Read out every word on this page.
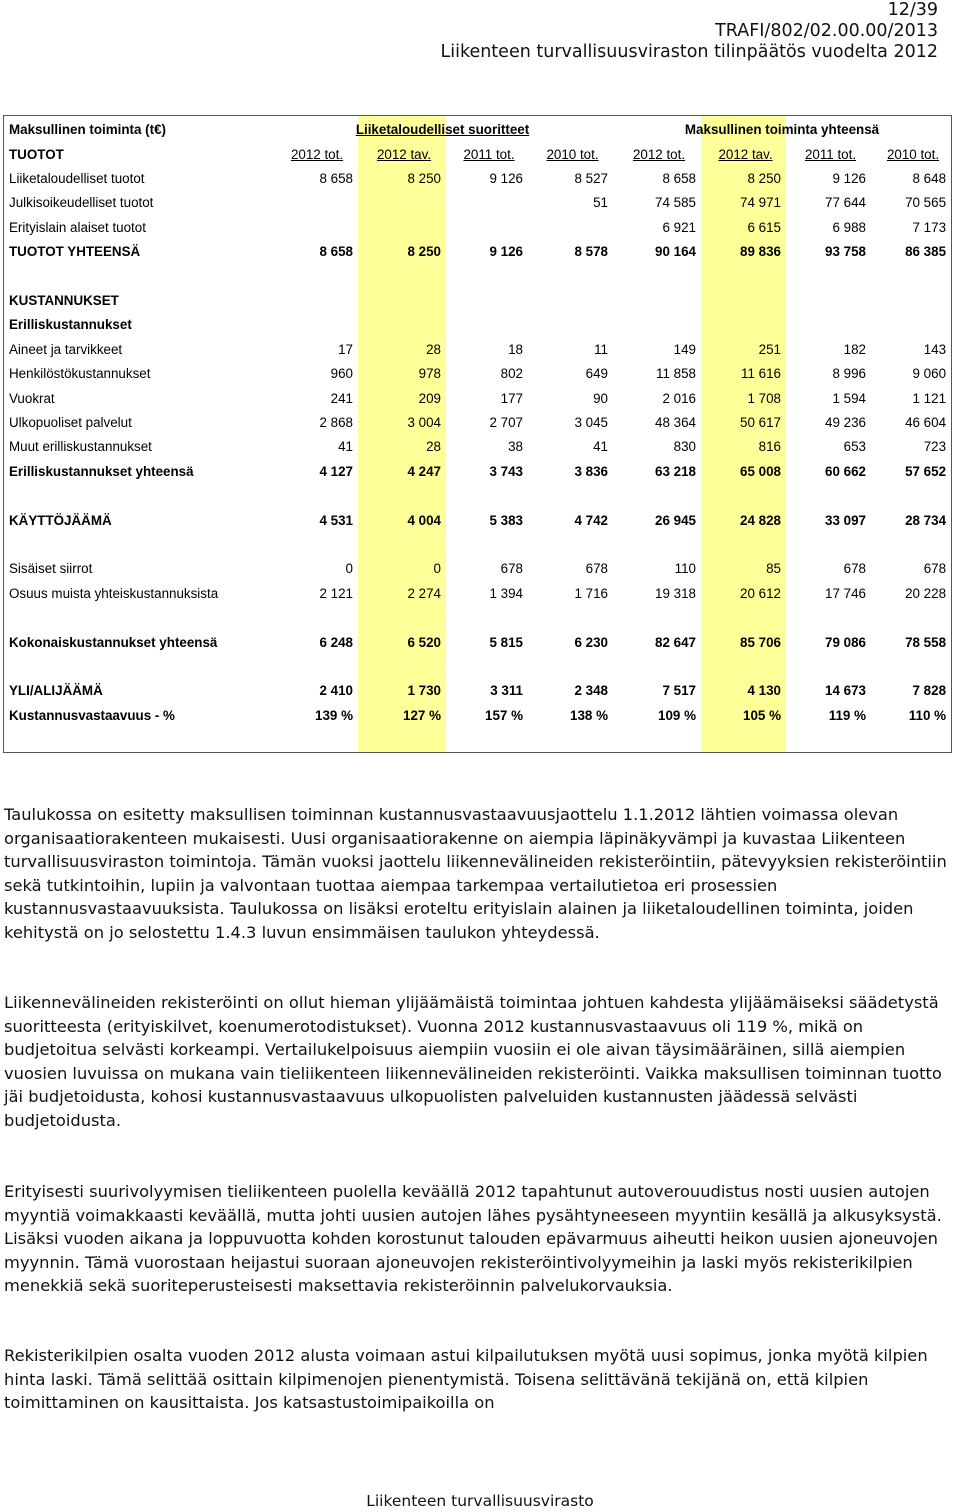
12/39
TRAFI/802/02.00.00/2013
Liikenteen turvallisuusviraston tilinpäätös vuodelta 2012
Maksullinen toiminta (t€)	Liiketaloudelliset suoritteet				Maksullinen toiminta yhteensä			
TUOTOT	2012 tot.	2012 tav.	2011 tot.	2010 tot.	2012 tot.	2012 tav.	2011 tot.	2010 tot.
Liiketaloudelliset tuotot	8 658	8 250	9 126	8 527	8 658	8 250	9 126	8 648
Julkisoikeudelliset tuotot				51	74 585	74 971	77 644	70 565
Erityislain alaiset tuotot					6 921	6 615	6 988	7 173
TUOTOT YHTEENSÄ	8 658	8 250	9 126	8 578	90 164	89 836	93 758	86 385

KUSTANNUKSET								
Erilliskustannukset								
Aineet ja tarvikkeet	17	28	18	11	149	251	182	143
Henkilöstökustannukset	960	978	802	649	11 858	11 616	8 996	9 060
Vuokrat	241	209	177	90	2 016	1 708	1 594	1 121
Ulkopuoliset palvelut	2 868	3 004	2 707	3 045	48 364	50 617	49 236	46 604
Muut erilliskustannukset	41	28	38	41	830	816	653	723
Erilliskustannukset yhteensä	4 127	4 247	3 743	3 836	63 218	65 008	60 662	57 652

KÄYTTÖJÄÄMÄ	4 531	4 004	5 383	4 742	26 945	24 828	33 097	28 734

Sisäiset siirrot	0	0	678	678	110	85	678	678
Osuus muista yhteiskustannuksista	2 121	2 274	1 394	1 716	19 318	20 612	17 746	20 228

Kokonaiskustannukset yhteensä	6 248	6 520	5 815	6 230	82 647	85 706	79 086	78 558

YLI/ALIJÄÄMÄ	2 410	1 730	3 311	2 348	7 517	4 130	14 673	7 828
Kustannusvastaavuus - %	139 %	127 %	157 %	138 %	109 %	105 %	119 %	110 %

Taulukossa on esitetty maksullisen toiminnan kustannusvastaavuusjaottelu 1.1.2012 lähtien voimassa olevan organisaatiorakenteen mukaisesti. Uusi organisaatiorakenne on aiempia läpinäkyvämpi ja kuvastaa Liikenteen turvallisuusviraston toimintoja. Tämän vuoksi jaottelu liikennevälineiden rekisteröintiin, pätevyyksien rekisteröintiin sekä tutkintoihin, lupiin ja valvontaan tuottaa aiempaa tarkempaa vertailutietoa eri prosessien kustannusvastaavuuksista. Taulukossa on lisäksi eroteltu erityislain alainen ja liiketaloudellinen toiminta, joiden kehitystä on jo selostettu 1.4.3 luvun ensimmäisen taulukon yhteydessä.

Liikennevälineiden rekisteröinti on ollut hieman ylijäämäistä toimintaa johtuen kahdesta ylijäämäiseksi säädetystä suoritteesta (erityiskilvet, koenumerotodistukset). Vuonna 2012 kustannusvastaavuus oli 119 %, mikä on budjetoitua selvästi korkeampi. Vertailukelpoisuus aiempiin vuosiin ei ole aivan täysimääräinen, sillä aiempien vuosien luvuissa on mukana vain tieliikenteen liikennevälineiden rekisteröinti. Vaikka maksullisen toiminnan tuotto jäi budjetoidusta, kohosi kustannusvastaavuus ulkopuolisten palveluiden kustannusten jäädessä selvästi budjetoidusta.

Erityisesti suurivolyymisen tieliikenteen puolella keväällä 2012 tapahtunut autoverouudistus nosti uusien autojen myyntiä voimakkaasti keväällä, mutta johti uusien autojen lähes pysähtyneeseen myyntiin kesällä ja alkusyksystä. Lisäksi vuoden aikana ja loppuvuotta kohden korostunut talouden epävarmuus aiheutti heikon uusien ajoneuvojen myynnin. Tämä vuorostaan heijastui suoraan ajoneuvojen rekisteröintivolyymeihin ja laski myös rekisterikilpien menekkiä sekä suoriteperusteisesti maksettavia rekisteröinnin palvelukorvauksia.

Rekisterikilpien osalta vuoden 2012 alusta voimaan astui kilpailutuksen myötä uusi sopimus, jonka myötä kilpien hinta laski. Tämä selittää osittain kilpimenojen pienentymistä. Toisena selittävänä tekijänä on, että kilpien toimittaminen on kausittaista. Jos katsastustoimipaikoilla on

Liikenteen turvallisuusvirasto
